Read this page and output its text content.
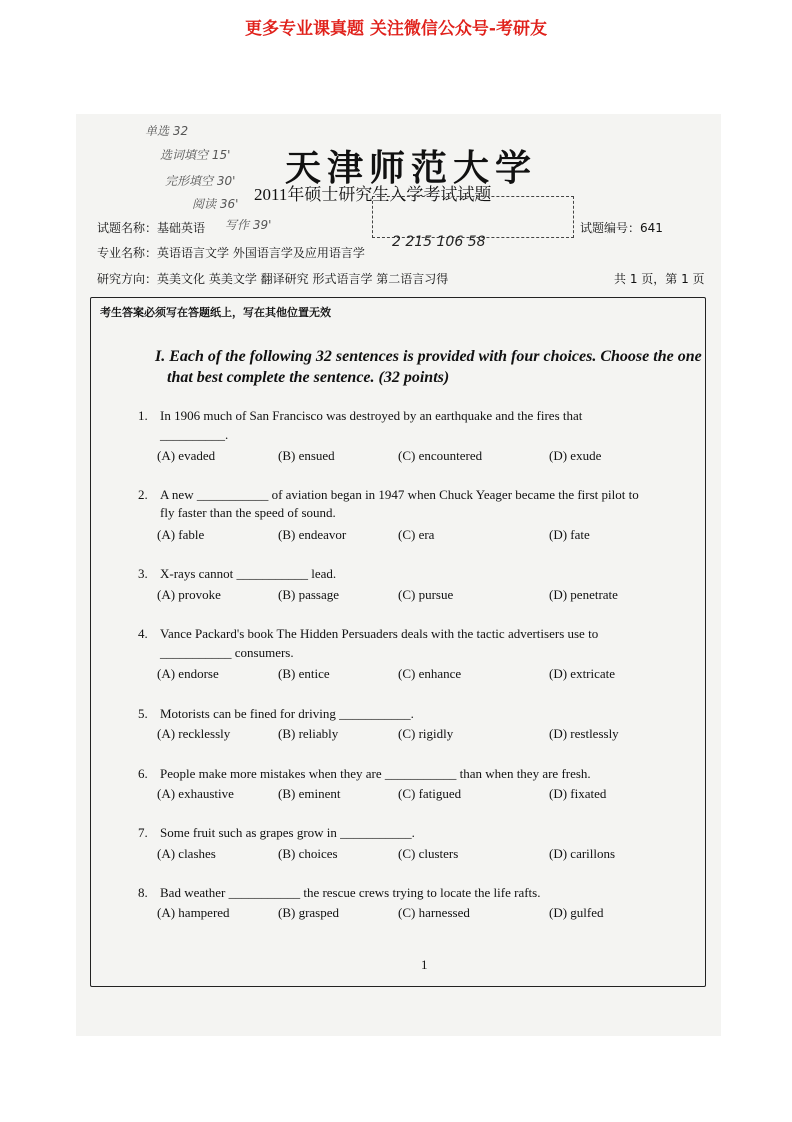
更多专业课真题 关注微信公众号-考研友
天津师范大学
2011年硕士研究生入学考试试题
单选 32
选词填空 15'
完形填空 30'
阅读 36'
写作 39'
2 215 106 58
试题名称：基础英语	试题编号：641
专业名称：英语语言文学 外国语言学及应用语言学
研究方向：英美文化 英美文学 翻译研究 形式语言学 第二语言习得	共 1 页，第 1 页
考生答案必须写在答题纸上，写在其他位置无效
I. Each of the following 32 sentences is provided with four choices. Choose the one
that best complete the sentence. (32 points)
1. In 1906 much of San Francisco was destroyed by an earthquake and the fires that
__________.
(A) evaded	(B) ensued	(C) encountered	(D) exude
2. A new ___________ of aviation began in 1947 when Chuck Yeager became the first pilot to
fly faster than the speed of sound.
(A) fable	(B) endeavor	(C) era	(D) fate
3. X-rays cannot ___________ lead.
(A) provoke	(B) passage	(C) pursue	(D) penetrate
4. Vance Packard's book The Hidden Persuaders deals with the tactic advertisers use to
___________ consumers.
(A) endorse	(B) entice	(C) enhance	(D) extricate
5. Motorists can be fined for driving ___________.
(A) recklessly	(B) reliably	(C) rigidly	(D) restlessly
6. People make more mistakes when they are ___________ than when they are fresh.
(A) exhaustive	(B) eminent	(C) fatigued	(D) fixated
7. Some fruit such as grapes grow in ___________.
(A) clashes	(B) choices	(C) clusters	(D) carillons
8. Bad weather ___________ the rescue crews trying to locate the life rafts.
(A) hampered	(B) grasped	(C) harnessed	(D) gulfed
1
